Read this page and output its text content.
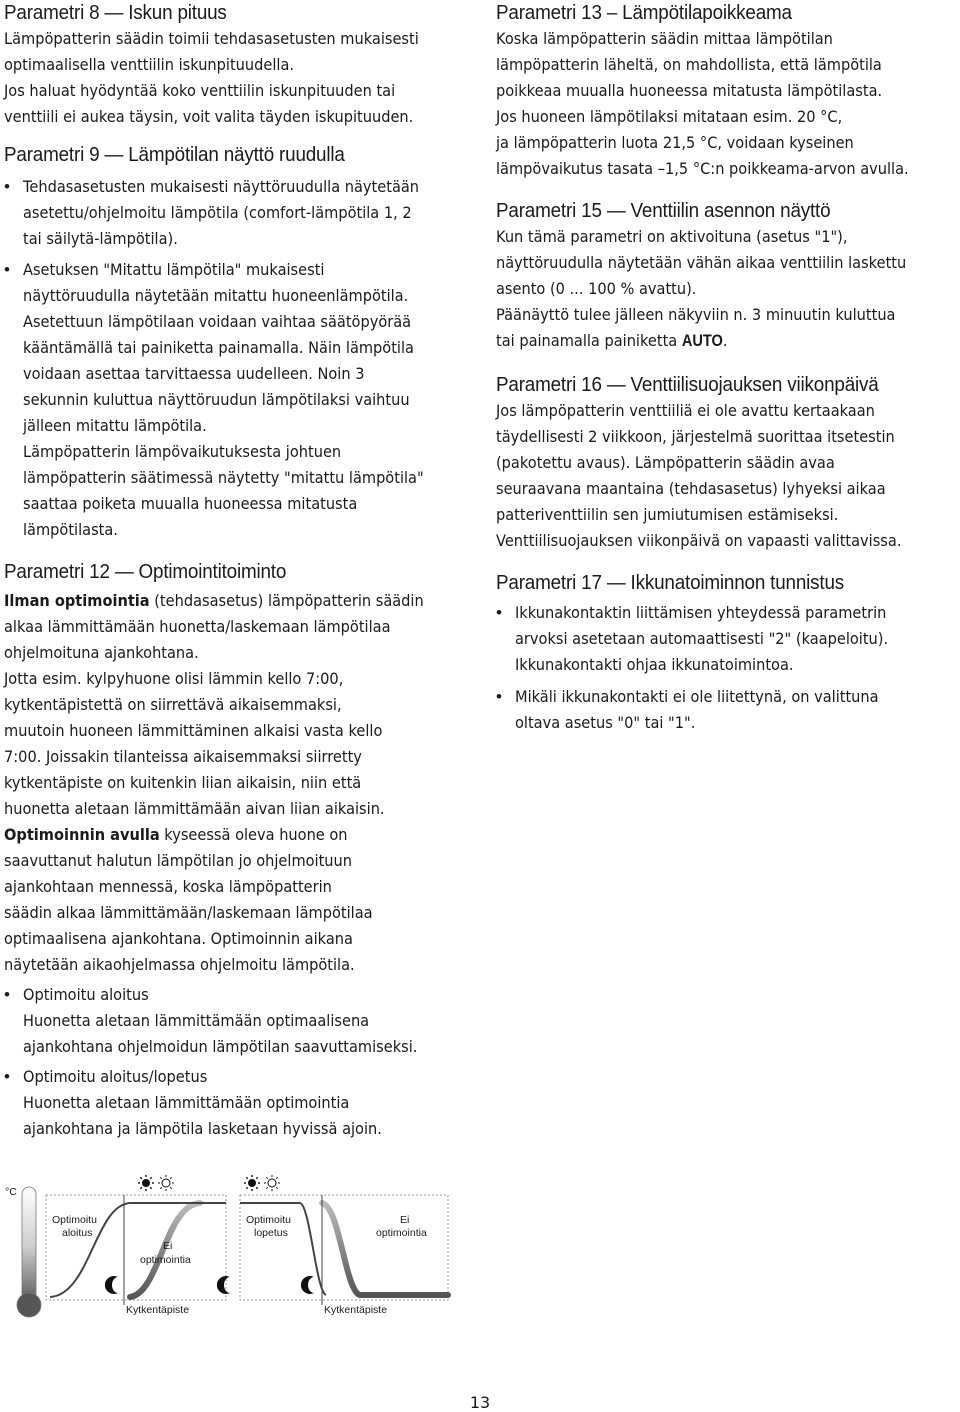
Parametri 8 — Iskun pituus

Lämpöpatterin säädin toimii tehdasasetusten mukaisesti
optimaalisella venttiilin iskunpituudella.
Jos haluat hyödyntää koko venttiilin iskunpituuden tai
venttiili ei aukea täysin, voit valita täyden iskupituuden.

Parametri 9 — Lämpötilan näyttö ruudulla

• Tehdasasetusten mukaisesti näyttöruudulla näytetään
asetettu/ohjelmoitu lämpötila (comfort-lämpötila 1, 2
tai säilytä-lämpötila).

• Asetuksen "Mitattu lämpötila" mukaisesti
näyttöruudulla näytetään mitattu huoneenlämpötila.
Asetettuun lämpötilaan voidaan vaihtaa säätöpyörää
kääntämällä tai painiketta painamalla. Näin lämpötila
voidaan asettaa tarvittaessa uudelleen. Noin 3
sekunnin kuluttua näyttöruudun lämpötilaksi vaihtuu
jälleen mitattu lämpötila.
Lämpöpatterin lämpövaikutuksesta johtuen
lämpöpatterin säätimessä näytetty "mitattu lämpötila"
saattaa poiketa muualla huoneessa mitatusta
lämpötilasta.

Parametri 12 — Optimointitoiminto

Ilman optimointia (tehdasasetus) lämpöpatterin säädin
alkaa lämmittämään huonetta/laskemaan lämpötilaa
ohjelmoituna ajankohtana.
Jotta esim. kylpyhuone olisi lämmin kello 7:00,
kytkentäpistettä on siirrettävä aikaisemmaksi,
muutoin huoneen lämmittäminen alkaisi vasta kello
7:00. Joissakin tilanteissa aikaisemmaksi siirretty
kytkentäpiste on kuitenkin liian aikaisin, niin että
huonetta aletaan lämmittämään aivan liian aikaisin.
Optimoinnin avulla kyseessä oleva huone on
saavuttanut halutun lämpötilan jo ohjelmoituun
ajankohtaan mennessä, koska lämpöpatterin
säädin alkaa lämmittämään/laskemaan lämpötilaa
optimaalisena ajankohtana. Optimoinnin aikana
näytetään aikaohjelmassa ohjelmoitu lämpötila.

• Optimoitu aloitus
Huonetta aletaan lämmittämään optimaalisena
ajankohtana ohjelmoidun lämpötilan saavuttamiseksi.

• Optimoitu aloitus/lopetus
Huonetta aletaan lämmittämään optimointia
ajankohtana ja lämpötila lasketaan hyvissä ajoin.

Parametri 13 – Lämpötilapoikkeama

Koska lämpöpatterin säädin mittaa lämpötilan
lämpöpatterin läheltä, on mahdollista, että lämpötila
poikkeaa muualla huoneessa mitatusta lämpötilasta.
Jos huoneen lämpötilaksi mitataan esim. 20 °C,
ja lämpöpatterin luota 21,5 °C, voidaan kyseinen
lämpövaikutus tasata –1,5 °C:n poikkeama-arvon avulla.

Parametri 15 — Venttiilin asennon näyttö

Kun tämä parametri on aktivoituna (asetus "1"),
näyttöruudulla näytetään vähän aikaa venttiilin laskettu
asento (0 ... 100 % avattu).
Päänäyttö tulee jälleen näkyviin n. 3 minuutin kuluttua
tai painamalla painiketta AUTO.

Parametri 16 — Venttiilisuojauksen viikonpäivä

Jos lämpöpatterin venttiiliä ei ole avattu kertaakaan
täydellisesti 2 viikkoon, järjestelmä suorittaa itsetestin
(pakotettu avaus). Lämpöpatterin säädin avaa
seuraavana maantaina (tehdasasetus) lyhyeksi aikaa
patteriventtiilin sen jumiutumisen estämiseksi.
Venttiilisuojauksen viikonpäivä on vapaasti valittavissa.

Parametri 17 — Ikkunatoiminnon tunnistus

• Ikkunakontaktin liittämisen yhteydessä parametrin
arvoksi asetetaan automaattisesti "2" (kaapeloitu).
Ikkunakontakti ohjaa ikkunatoimintoa.

• Mikäli ikkunakontakti ei ole liitettynä, on valittuna
oltava asetus "0" tai "1".

°C
Optimoitu
aloitus
Ei
optimointia
Kytkentäpiste
Optimoitu
lopetus
Ei
optimointia
Kytkentäpiste
13
